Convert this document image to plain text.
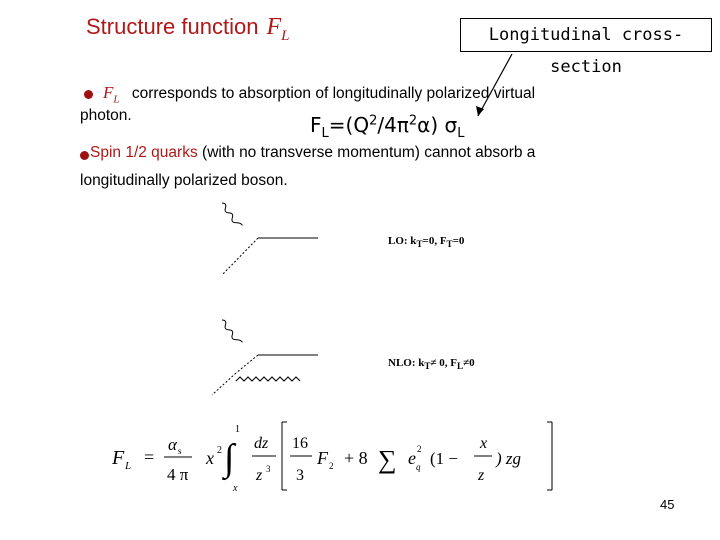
Structure function $F_L$	Longitudinal cross-section
$F_L$ corresponds to absorption of longitudinally polarized virtual
photon.	$F_L=(Q^2/4\pi^2\alpha)$ $\sigma_L$
Spin 1/2 quarks (with no transverse momentum) cannot absorb a
longitudinally polarized boson.
LO: $k_T=0$, $F_T=0$
NLO: $k_T\ne 0$, $F_L\ne 0$
F L =
α s
4 π
x 2 ∫
1
x
dz
z 3
16
3
F 2 + 8 ∑ e q
2 (1 −
x
z
) zg
45
